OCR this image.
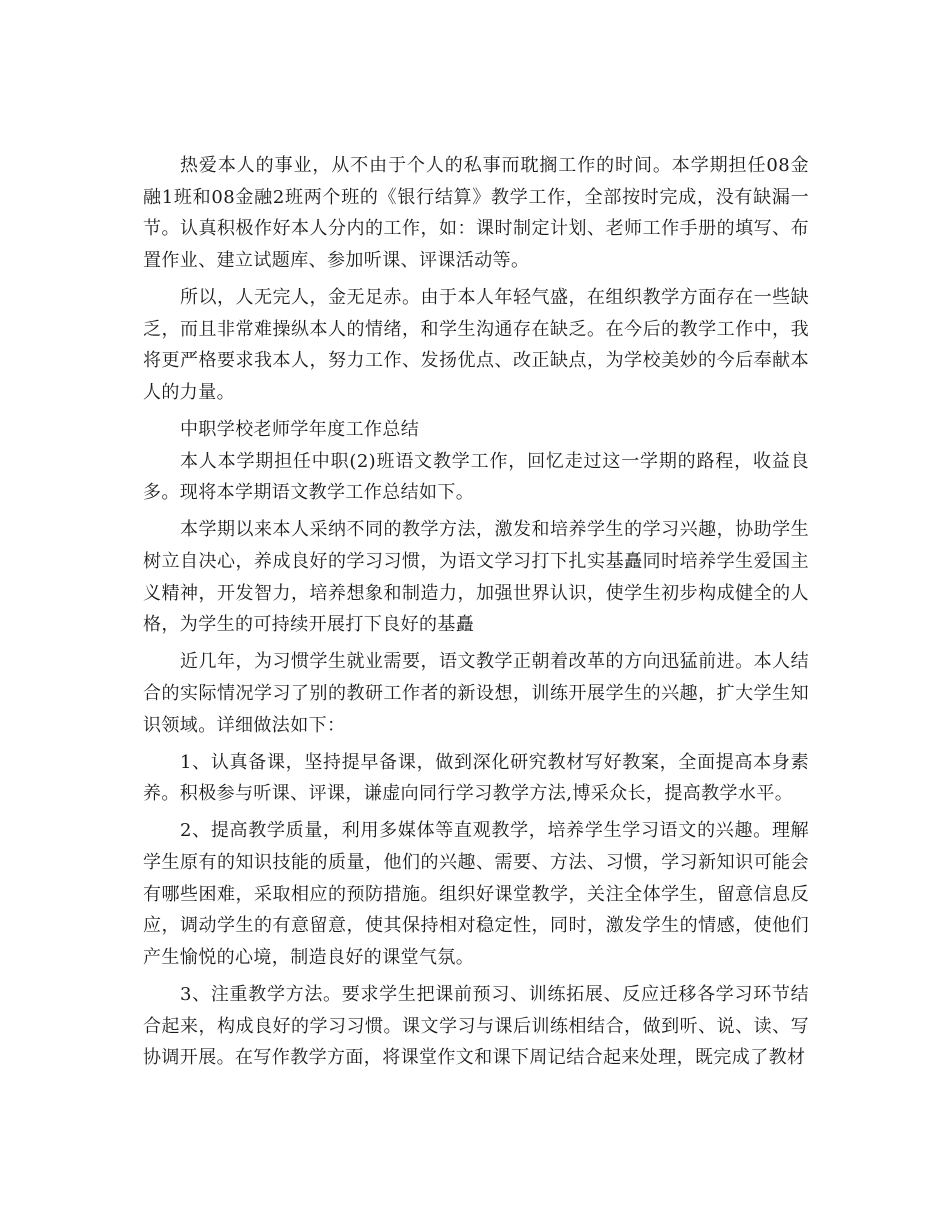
热爱本人的事业，从不由于个人的私事而耽搁工作的时间。本学期担任08金融1班和08金融2班两个班的《银行结算》教学工作，全部按时完成，没有缺漏一节。认真积极作好本人分内的工作，如：课时制定计划、老师工作手册的填写、布置作业、建立试题库、参加听课、评课活动等。

所以，人无完人，金无足赤。由于本人年轻气盛，在组织教学方面存在一些缺乏，而且非常难操纵本人的情绪，和学生沟通存在缺乏。在今后的教学工作中，我将更严格要求我本人，努力工作、发扬优点、改正缺点，为学校美妙的今后奉献本人的力量。

中职学校老师学年度工作总结

本人本学期担任中职(2)班语文教学工作，回忆走过这一学期的路程，收益良多。现将本学期语文教学工作总结如下。

本学期以来本人采纳不同的教学方法，激发和培养学生的学习兴趣，协助学生树立自决心，养成良好的学习习惯，为语文学习打下扎实基矗同时培养学生爱国主义精神，开发智力，培养想象和制造力，加强世界认识，使学生初步构成健全的人格，为学生的可持续开展打下良好的基矗

近几年，为习惯学生就业需要，语文教学正朝着改革的方向迅猛前进。本人结合的实际情况学习了别的教研工作者的新设想，训练开展学生的兴趣，扩大学生知识领域。详细做法如下：

1、认真备课，坚持提早备课，做到深化研究教材写好教案，全面提高本身素养。积极参与听课、评课，谦虚向同行学习教学方法,博采众长，提高教学水平。

2、提高教学质量，利用多媒体等直观教学，培养学生学习语文的兴趣。理解学生原有的知识技能的质量，他们的兴趣、需要、方法、习惯，学习新知识可能会有哪些困难，采取相应的预防措施。组织好课堂教学，关注全体学生，留意信息反应，调动学生的有意留意，使其保持相对稳定性，同时，激发学生的情感，使他们产生愉悦的心境，制造良好的课堂气氛。

3、注重教学方法。要求学生把课前预习、训练拓展、反应迁移各学习环节结合起来，构成良好的学习习惯。课文学习与课后训练相结合，做到听、说、读、写协调开展。在写作教学方面，将课堂作文和课下周记结合起来处理，既完成了教材
